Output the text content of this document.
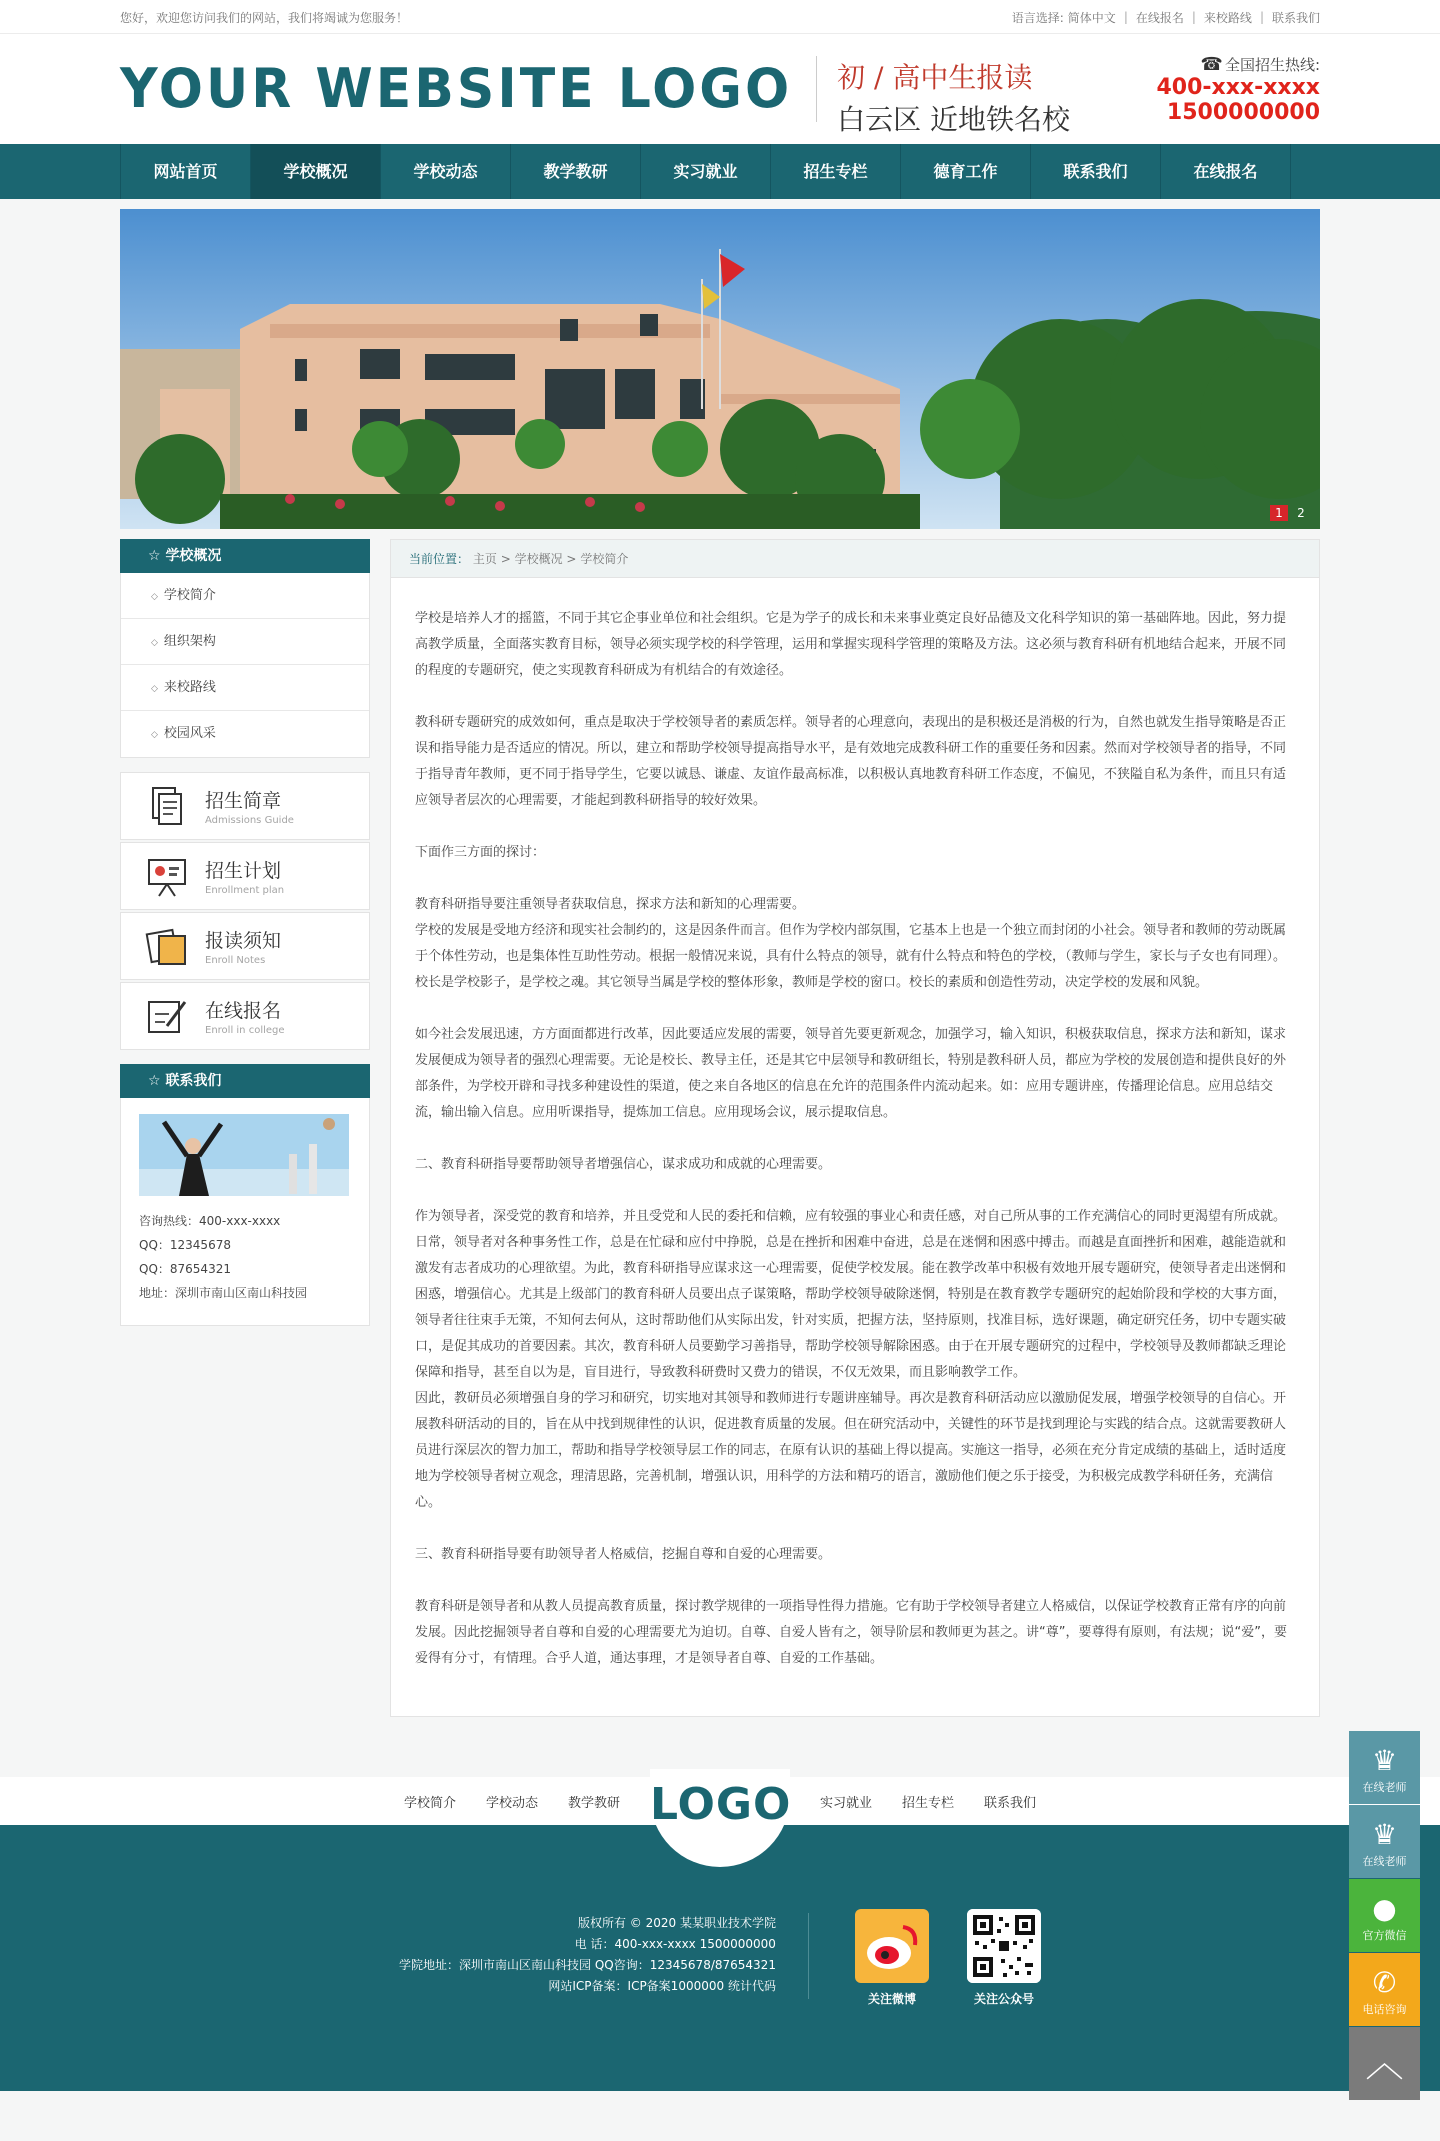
您好，欢迎您访问我们的网站，我们将竭诚为您服务！	语言选择: 简体中文 | 在线报名 | 来校路线 | 联系我们
YOUR WEBSITE LOGO 初 / 高中生报读
白云区 近地铁名校
☎ 全国招生热线:
400-xxx-xxxx
1500000000
网站首页	学校概况	学校动态	教学教研	实习就业	招生专栏	德育工作	联系我们	在线报名
1	2
☆ 学校概况
◇ 学校简介
◇ 组织架构
◇ 来校路线
◇ 校园风采
招生简章
Admissions Guide
招生计划
Enrollment plan
报读须知
Enroll Notes
在线报名
Enroll in college
☆ 联系我们

咨询热线：400-xxx-xxxx

QQ：12345678

QQ：87654321

地址：深圳市南山区南山科技园

当前位置： 主页 > 学校概况 > 学校简介

学校是培养人才的摇篮，不同于其它企事业单位和社会组织。它是为学子的成长和未来事业奠定良好品德及文化科学知识的第一基础阵地。因此，努力提高教学质量，全面落实教育目标，领导必须实现学校的科学管理，运用和掌握实现科学管理的策略及方法。这必须与教育科研有机地结合起来，开展不同的程度的专题研究，使之实现教育科研成为有机结合的有效途径。

教科研专题研究的成效如何，重点是取决于学校领导者的素质怎样。领导者的心理意向，表现出的是积极还是消极的行为，自然也就发生指导策略是否正误和指导能力是否适应的情况。所以，建立和帮助学校领导提高指导水平，是有效地完成教科研工作的重要任务和因素。然而对学校领导者的指导，不同于指导青年教师，更不同于指导学生，它要以诚恳、谦虚、友谊作最高标准，以积极认真地教育科研工作态度，不偏见，不狭隘自私为条件，而且只有适应领导者层次的心理需要，才能起到教科研指导的较好效果。

下面作三方面的探讨：

教育科研指导要注重领导者获取信息，探求方法和新知的心理需要。

学校的发展是受地方经济和现实社会制约的，这是因条件而言。但作为学校内部氛围，它基本上也是一个独立而封闭的小社会。领导者和教师的劳动既属于个体性劳动，也是集体性互助性劳动。根据一般情况来说，具有什么特点的领导，就有什么特点和特色的学校，（教师与学生，家长与子女也有同理）。校长是学校影子，是学校之魂。其它领导当属是学校的整体形象，教师是学校的窗口。校长的素质和创造性劳动，决定学校的发展和风貌。

如今社会发展迅速，方方面面都进行改革，因此要适应发展的需要，领导首先要更新观念，加强学习，输入知识，积极获取信息，探求方法和新知，谋求发展便成为领导者的强烈心理需要。无论是校长、教导主任，还是其它中层领导和教研组长，特别是教科研人员，都应为学校的发展创造和提供良好的外部条件，为学校开辟和寻找多种建设性的渠道，使之来自各地区的信息在允许的范围条件内流动起来。如：应用专题讲座，传播理论信息。应用总结交流，输出输入信息。应用听课指导，提炼加工信息。应用现场会议，展示提取信息。

二、教育科研指导要帮助领导者增强信心，谋求成功和成就的心理需要。

作为领导者，深受党的教育和培养，并且受党和人民的委托和信赖，应有较强的事业心和责任感，对自己所从事的工作充满信心的同时更渴望有所成就。日常，领导者对各种事务性工作，总是在忙碌和应付中挣脱，总是在挫折和困难中奋进，总是在迷惘和困惑中搏击。而越是直面挫折和困难，越能造就和激发有志者成功的心理欲望。为此，教育科研指导应谋求这一心理需要，促使学校发展。能在教学改革中积极有效地开展专题研究，使领导者走出迷惘和困惑，增强信心。尤其是上级部门的教育科研人员要出点子谋策略，帮助学校领导破除迷惘，特别是在教育教学专题研究的起始阶段和学校的大事方面，领导者往往束手无策，不知何去何从，这时帮助他们从实际出发，针对实质，把握方法，坚持原则，找准目标，选好课题，确定研究任务，切中专题实破口，是促其成功的首要因素。其次，教育科研人员要勤学习善指导，帮助学校领导解除困惑。由于在开展专题研究的过程中，学校领导及教师都缺乏理论保障和指导，甚至自以为是，盲目进行，导致教科研费时又费力的错误，不仅无效果，而且影响教学工作。

因此，教研员必须增强自身的学习和研究，切实地对其领导和教师进行专题讲座辅导。再次是教育科研活动应以激励促发展，增强学校领导的自信心。开展教科研活动的目的，旨在从中找到规律性的认识，促进教育质量的发展。但在研究活动中，关键性的环节是找到理论与实践的结合点。这就需要教研人员进行深层次的智力加工，帮助和指导学校领导层工作的同志，在原有认识的基础上得以提高。实施这一指导，必须在充分肯定成绩的基础上，适时适度地为学校领导者树立观念，理清思路，完善机制，增强认识，用科学的方法和精巧的语言，激励他们便之乐于接受，为积极完成教学科研任务，充满信心。

三、教育科研指导要有助领导者人格威信，挖掘自尊和自爱的心理需要。

教育科研是领导者和从教人员提高教育质量，探讨教学规律的一项指导性得力措施。它有助于学校领导者建立人格威信，以保证学校教育正常有序的向前发展。因此挖掘领导者自尊和自爱的心理需要尤为迫切。自尊、自爱人皆有之，领导阶层和教师更为甚之。讲“尊”，要尊得有原则，有法规；说“爱”，要爱得有分寸，有情理。合乎人道，通达事理，才是领导者自尊、自爱的工作基础。

学校简介 学校动态 教学教研	实习就业 招生专栏 联系我们
LOGO
版权所有 © 2020 某某职业技术学院
电 话：400-xxx-xxxx 1500000000
学院地址：深圳市南山区南山科技园 QQ咨询：12345678/87654321
网站ICP备案：ICP备案1000000 统计代码
关注微博	关注公众号
♛
在线老师
♛
在线老师
●
官方微信
✆
电话咨询
︿
